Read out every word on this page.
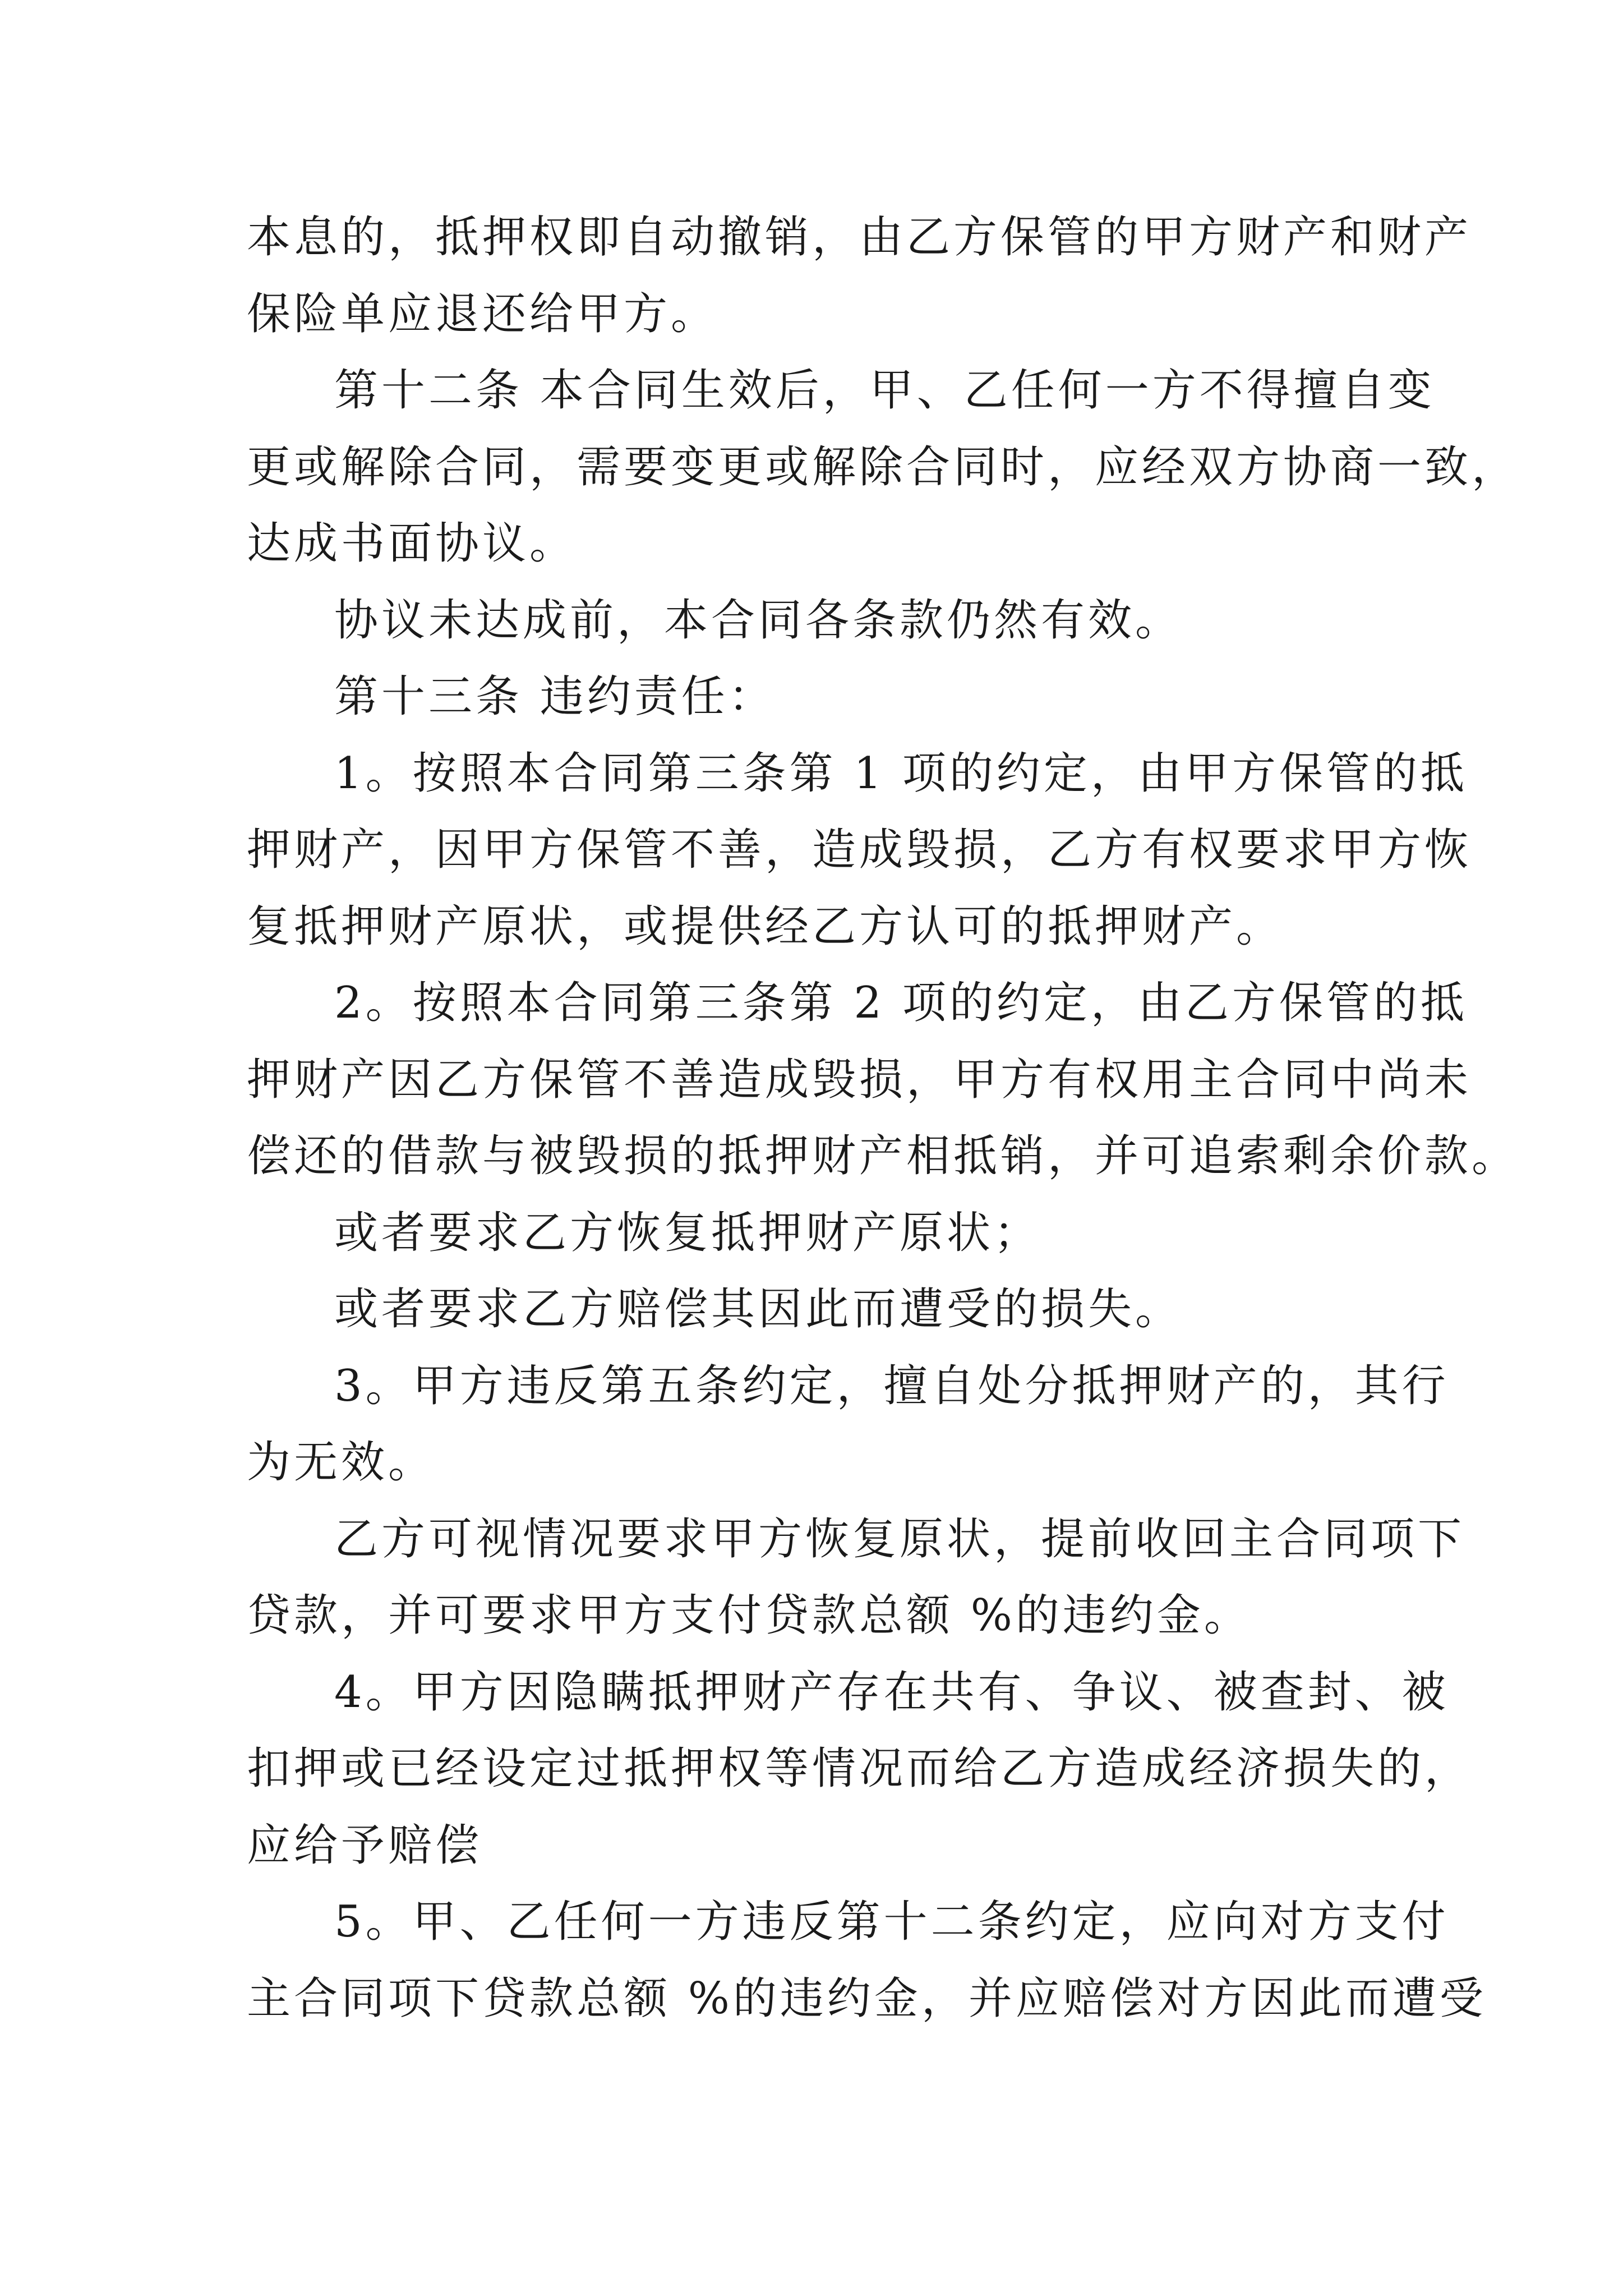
本息的，抵押权即自动撤销，由乙方保管的甲方财产和财产
保险单应退还给甲方。
第十二条 本合同生效后，甲、乙任何一方不得擅自变
更或解除合同，需要变更或解除合同时，应经双方协商一致，
达成书面协议。
协议未达成前，本合同各条款仍然有效。
第十三条 违约责任：
1。按照本合同第三条第 1 项的约定，由甲方保管的抵
押财产，因甲方保管不善，造成毁损，乙方有权要求甲方恢
复抵押财产原状，或提供经乙方认可的抵押财产。
2。按照本合同第三条第 2 项的约定，由乙方保管的抵
押财产因乙方保管不善造成毁损，甲方有权用主合同中尚未
偿还的借款与被毁损的抵押财产相抵销，并可追索剩余价款。
或者要求乙方恢复抵押财产原状；
或者要求乙方赔偿其因此而遭受的损失。
3。甲方违反第五条约定，擅自处分抵押财产的，其行
为无效。
乙方可视情况要求甲方恢复原状，提前收回主合同项下
贷款，并可要求甲方支付贷款总额 %的违约金。
4。甲方因隐瞒抵押财产存在共有、争议、被查封、被
扣押或已经设定过抵押权等情况而给乙方造成经济损失的，
应给予赔偿
5。甲、乙任何一方违反第十二条约定，应向对方支付
主合同项下贷款总额 %的违约金，并应赔偿对方因此而遭受
